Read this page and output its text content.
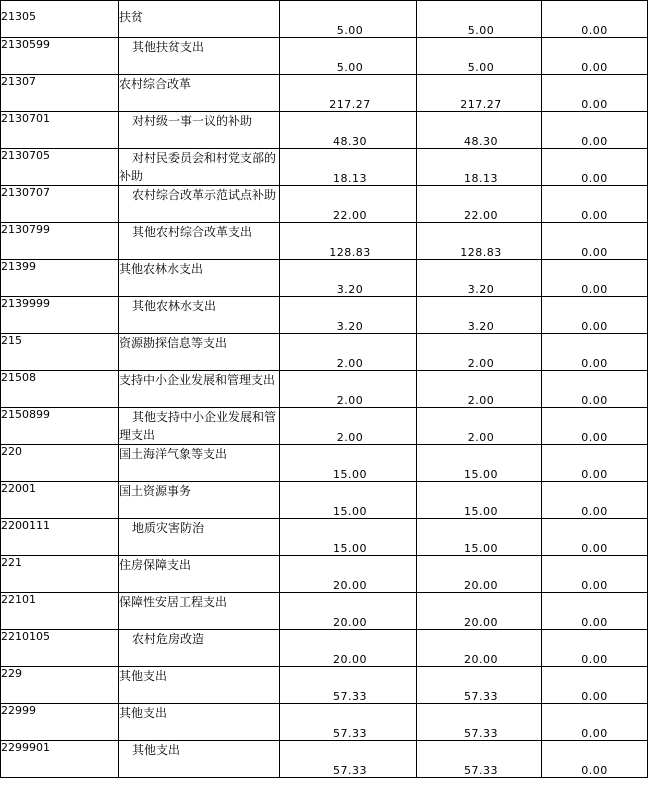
21305	扶贫	5.00	5.00	0.00
2130599	其他扶贫支出	5.00	5.00	0.00
21307	农村综合改革	217.27	217.27	0.00
2130701	对村级一事一议的补助	48.30	48.30	0.00
2130705	对村民委员会和村党支部的补助	18.13	18.13	0.00
2130707	农村综合改革示范试点补助	22.00	22.00	0.00
2130799	其他农村综合改革支出	128.83	128.83	0.00
21399	其他农林水支出	3.20	3.20	0.00
2139999	其他农林水支出	3.20	3.20	0.00
215	资源勘探信息等支出	2.00	2.00	0.00
21508	支持中小企业发展和管理支出	2.00	2.00	0.00
2150899	其他支持中小企业发展和管理支出	2.00	2.00	0.00
220	国土海洋气象等支出	15.00	15.00	0.00
22001	国土资源事务	15.00	15.00	0.00
2200111	地质灾害防治	15.00	15.00	0.00
221	住房保障支出	20.00	20.00	0.00
22101	保障性安居工程支出	20.00	20.00	0.00
2210105	农村危房改造	20.00	20.00	0.00
229	其他支出	57.33	57.33	0.00
22999	其他支出	57.33	57.33	0.00
2299901	其他支出	57.33	57.33	0.00
